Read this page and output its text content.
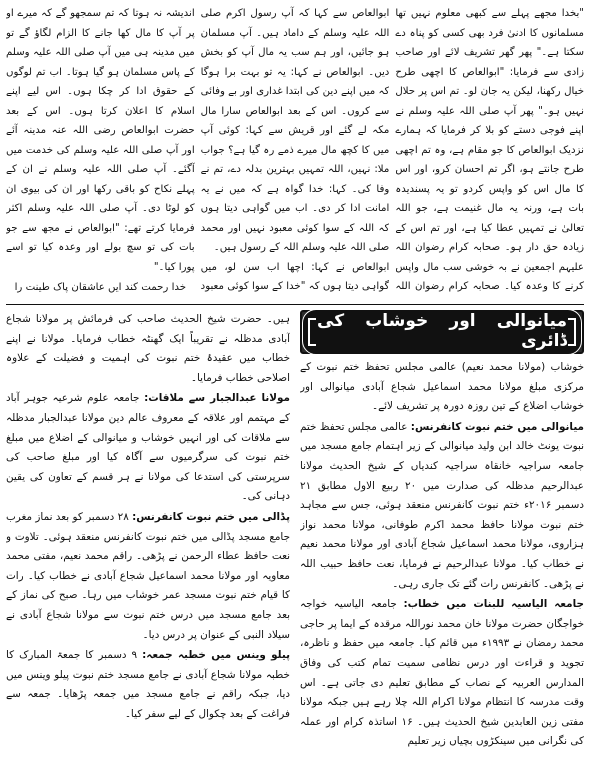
"بخدا مجھے پہلے سے کبھی معلوم نہیں تھا مسلمانوں کا ادنیٰ فرد بھی کسی کو پناہ دے سکتا ہے۔" پھر گھر تشریف لائے اور صاحب زادی سے فرمایا: "ابوالعاص کا اچھی طرح خیال رکھنا، لیکن یہ جان لو۔ تم اس پر حلال نہیں ہو۔" پھر آپ صلی اللہ علیہ وسلم نے اپنے فوجی دستے کو بلا کر فرمایا کہ ہمارے نزدیک ابوالعاص کا جو مقام ہے، وہ تم اچھی طرح جانتے ہو، اگر تم احسان کرو، اور اس کا مال اس کو واپس کردو تو یہ پسندیدہ بات ہے، ورنہ یہ مال غنیمت ہے، جو اللہ تعالیٰ نے تمہیں عطا کیا ہے، اور تم اس کے زیادہ حق دار ہو۔ صحابہ کرام رضوان اللہ علیہم اجمعین نے بہ خوشی سب مال واپس کرنے کا وعدہ کیا۔ صحابہ کرام رضوان اللہ

ابوالعاص سے کہا کہ آپ رسول اکرم صلی اللہ علیہ وسلم کے داماد ہیں۔ آپ مسلمان ہو جائیں، اور ہم سب یہ مال آپ کو بخش دیں۔ ابوالعاص نے کہا: یہ تو بہت برا ہوگا کہ میں اپنے دین کی ابتدا غداری اور بے وفائی سے کروں۔ اس کے بعد ابوالعاص سارا مال مکہ لے گئے اور قریش سے کہا: کوئی آپ میں کا کچھ مال میرے ذمے رہ گیا ہے؟ جواب ملا: نہیں، اللہ تمہیں بہترین بدلہ دے، تم نے وفا کی۔ کہا: خدا گواہ ہے کہ میں نے یہ امانت ادا کر دی۔ اب میں گواہی دیتا ہوں کہ اللہ کے سوا کوئی معبود نہیں اور محمد صلی اللہ علیہ وسلم اللہ کے رسول ہیں۔

ابوالعاص نے کہا: اچھا اب سن لو، میں گواہی دیتا ہوں کہ "خدا کے سوا کوئی معبود

اندیشہ نہ ہوتا کہ تم سمجھو گے کہ میرے او پر آپ کا مال کھا جانے کا الزام لگاؤ گے تو میں مدینہ ہی میں آپ صلی اللہ علیہ وسلم کے پاس مسلمان ہو گیا ہوتا۔ اب تم لوگوں کے حقوق ادا کر چکا ہوں۔ اس لیے اپنے اسلام کا اعلان کرتا ہوں۔ اس کے بعد حضرت ابوالعاص رضی اللہ عنہ مدینہ آئے اور آپ صلی اللہ علیہ وسلم کی خدمت میں آگئے۔ آپ صلی اللہ علیہ وسلم نے ان کے پہلے نکاح کو باقی رکھا اور ان کی بیوی ان کو لوٹا دی۔ آپ صلی اللہ علیہ وسلم اکثر فرمایا کرتے تھے: "ابوالعاص نے مجھ سے جو بات کی تو سچ بولے اور وعدہ کیا تو اسے پورا کیا۔"

خدا رحمت کند ایں عاشقان پاک طینت را

میانوالی اور خوشاب کی ڈائری

خوشاب (مولانا محمد نعیم) عالمی مجلس تحفظ ختم نبوت کے مرکزی مبلغ مولانا محمد اسماعیل شجاع آبادی میانوالی اور خوشاب اضلاع کے تین روزہ دورہ پر تشریف لائے۔

میانوالی میں ختم نبوت کانفرنس: عالمی مجلس تحفظ ختم نبوت یونٹ خالد ابن ولید میانوالی کے زیر اہتمام جامع مسجد میں جامعہ سراجیہ خانقاہ سراجیہ کندیاں کے شیخ الحدیث مولانا عبدالرحیم مدظلہ کی صدارت میں ۲۰ ربیع الاول مطابق ۲۱ دسمبر ۲۰۱۶ء ختم نبوت کانفرنس منعقد ہوئی، جس سے مجاہد ختم نبوت مولانا حافظ محمد اکرم طوفانی، مولانا محمد نواز ہزاروی، مولانا محمد اسماعیل شجاع آبادی اور مولانا محمد نعیم نے خطاب کیا۔ مولانا عبدالرحیم نے فرمایا، نعت حافظ حبیب اللہ نے پڑھی۔ کانفرنس رات گئے تک جاری رہی۔

جامعہ الیاسیہ للبنات میں خطاب: جامعہ الیاسیہ خواجہ خواجگان حضرت مولانا خان محمد نوراللہ مرقدہ کے ایما پر حاجی محمد رمضان نے ۱۹۹۳ء میں قائم کیا۔ جامعہ میں حفظ و ناظرہ، تجوید و قراءت اور درس نظامی سمیت تمام کتب کی وفاق المدارس العربیہ کے نصاب کے مطابق تعلیم دی جاتی ہے۔ اس وقت مدرسہ کا انتظام مولانا اکرام اللہ چلا رہے ہیں جبکہ مولانا مفتی زین العابدین شیخ الحدیث ہیں۔ ۱۶ اساتذہ کرام اور عملہ کی نگرانی میں سینکڑوں بچیاں زیر تعلیم

ہیں۔ حضرت شیخ الحدیث صاحب کی فرمائش پر مولانا شجاع آبادی مدظلہ نے تقریباً ایک گھنٹہ خطاب فرمایا۔ مولانا نے اپنے خطاب میں عقیدۂ ختم نبوت کی اہمیت و فضیلت کے علاوہ اصلاحی خطاب فرمایا۔

مولانا عبدالجبار سے ملاقات: جامعہ علوم شرعیہ جوہر آباد کے مہتمم اور علاقہ کے معروف عالم دین مولانا عبدالجبار مدظلہ سے ملاقات کی اور انہیں خوشاب و میانوالی کے اضلاع میں مبلغ ختم نبوت کی سرگرمیوں سے آگاہ کیا اور مبلغ صاحب کی سرپرستی کی استدعا کی مولانا نے ہر قسم کے تعاون کی یقین دہانی کی۔

پڈالی میں ختم نبوت کانفرنس: ۲۸ دسمبر کو بعد نماز مغرب جامع مسجد پڈالی میں ختم نبوت کانفرنس منعقد ہوئی۔ تلاوت و نعت حافظ عطاء الرحمن نے پڑھی۔ راقم محمد نعیم، مفتی محمد معاویہ اور مولانا محمد اسماعیل شجاع آبادی نے خطاب کیا۔ رات کا قیام ختم نبوت مسجد عمر خوشاب میں رہا۔ صبح کی نماز کے بعد جامع مسجد میں درس ختم نبوت سے مولانا شجاع آبادی نے سیلاد النبی کے عنوان پر درس دیا۔

پیلو وینس میں خطبہ جمعہ: ۹ دسمبر کا جمعۃ المبارک کا خطبہ مولانا شجاع آبادی نے جامع مسجد ختم نبوت پیلو وینس میں دیا، جبکہ راقم نے جامع مسجد میں جمعہ پڑھایا۔ جمعہ سے فراغت کے بعد چکوال کے لیے سفر کیا۔
